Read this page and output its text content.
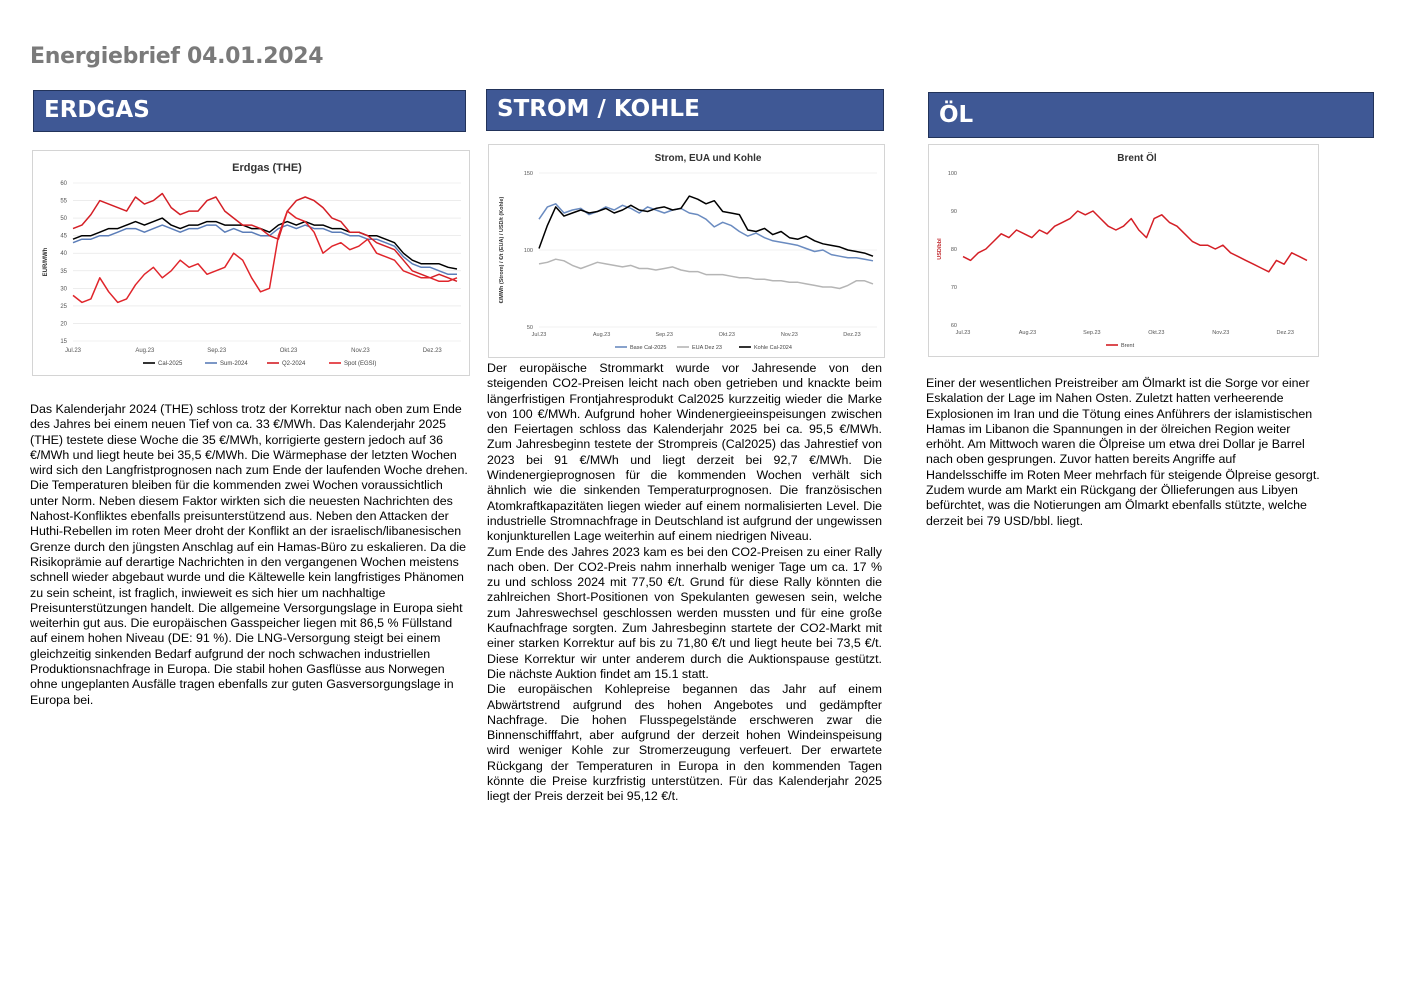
Energiebrief 04.01.2024
ERDGAS
Erdgas (THE)
15
20
25
30
35
40
45
50
55
60
EUR/MWh
Jul.23	Aug.23	Sep.23	Okt.23	Nov.23	Dez.23
Cal-2025	Sum-2024	Q2-2024	Spot (EGSI)

Das Kalenderjahr 2024 (THE) schloss trotz der Korrektur nach oben zum Ende des Jahres bei einem neuen Tief von ca. 33 €/MWh. Das Kalenderjahr 2025 (THE) testete diese Woche die 35 €/MWh, korrigierte gestern jedoch auf 36 €/MWh und liegt heute bei 35,5 €/MWh. Die Wärmephase der letzten Wochen wird sich den Langfristprognosen nach zum Ende der laufenden Woche drehen. Die Temperaturen bleiben für die kommenden zwei Wochen voraussichtlich unter Norm. Neben diesem Faktor wirkten sich die neuesten Nachrichten des Nahost-Konfliktes ebenfalls preisunterstützend aus. Neben den Attacken der Huthi-Rebellen im roten Meer droht der Konflikt an der israelisch/libanesischen Grenze durch den jüngsten Anschlag auf ein Hamas-Büro zu eskalieren. Da die Risikoprämie auf derartige Nachrichten in den vergangenen Wochen meistens schnell wieder abgebaut wurde und die Kältewelle kein langfristiges Phänomen zu sein scheint, ist fraglich, inwieweit es sich hier um nachhaltige Preisunterstützungen handelt. Die allgemeine Versorgungslage in Europa sieht weiterhin gut aus. Die europäischen Gasspeicher liegen mit 86,5 % Füllstand auf einem hohen Niveau (DE: 91 %). Die LNG-Versorgung steigt bei einem gleichzeitig sinkenden Bedarf aufgrund der noch schwachen industriellen Produktionsnachfrage in Europa. Die stabil hohen Gasflüsse aus Norwegen ohne ungeplanten Ausfälle tragen ebenfalls zur guten Gasversorgungslage in Europa bei.

STROM / KOHLE
Strom, EUA und Kohle
50
100
150
€/MWh (Strom) / €/t (EUA) / USD/t (Kohle)
Jul.23	Aug.23	Sep.23	Okt.23	Nov.23	Dez.23
Base Cal-2025	EUA Dez 23	Kohle Cal-2024

Der europäische Strommarkt wurde vor Jahresende von den steigenden CO2-Preisen leicht nach oben getrieben und knackte beim längerfristigen Frontjahresprodukt Cal2025 kurzzeitig wieder die Marke von 100 €/MWh. Aufgrund hoher Windenergieeinspeisungen zwischen den Feiertagen schloss das Kalenderjahr 2025 bei ca. 95,5 €/MWh. Zum Jahresbeginn testete der Strompreis (Cal2025) das Jahrestief von 2023 bei 91 €/MWh und liegt derzeit bei 92,7 €/MWh. Die Windenergieprognosen für die kommenden Wochen verhält sich ähnlich wie die sinkenden Temperaturprognosen. Die französischen Atomkraftkapazitäten liegen wieder auf einem normalisierten Level. Die industrielle Stromnachfrage in Deutschland ist aufgrund der ungewissen konjunkturellen Lage weiterhin auf einem niedrigen Niveau.

Zum Ende des Jahres 2023 kam es bei den CO2-Preisen zu einer Rally nach oben. Der CO2-Preis nahm innerhalb weniger Tage um ca. 17 % zu und schloss 2024 mit 77,50 €/t. Grund für diese Rally könnten die zahlreichen Short-Positionen von Spekulanten gewesen sein, welche zum Jahreswechsel geschlossen werden mussten und für eine große Kaufnachfrage sorgten. Zum Jahresbeginn startete der CO2-Markt mit einer starken Korrektur auf bis zu 71,80 €/t und liegt heute bei 73,5 €/t. Diese Korrektur wir unter anderem durch die Auktionspause gestützt. Die nächste Auktion findet am 15.1 statt.

Die europäischen Kohlepreise begannen das Jahr auf einem Abwärtstrend aufgrund des hohen Angebotes und gedämpfter Nachfrage. Die hohen Flusspegelstände erschweren zwar die Binnenschifffahrt, aber aufgrund der derzeit hohen Windeinspeisung wird weniger Kohle zur Stromerzeugung verfeuert. Der erwartete Rückgang der Temperaturen in Europa in den kommenden Tagen könnte die Preise kurzfristig unterstützen. Für das Kalenderjahr 2025 liegt der Preis derzeit bei 95,12 €/t.

ÖL
Brent Öl
60
70
80
90
100
USD/bbl
Jul.23	Aug.23	Sep.23	Okt.23	Nov.23	Dez.23
Brent

Einer der wesentlichen Preistreiber am Ölmarkt ist die Sorge vor einer Eskalation der Lage im Nahen Osten. Zuletzt hatten verheerende Explosionen im Iran und die Tötung eines Anführers der islamistischen Hamas im Libanon die Spannungen in der ölreichen Region weiter erhöht. Am Mittwoch waren die Ölpreise um etwa drei Dollar je Barrel nach oben gesprungen. Zuvor hatten bereits Angriffe auf Handelsschiffe im Roten Meer mehrfach für steigende Ölpreise gesorgt. Zudem wurde am Markt ein Rückgang der Öllieferungen aus Libyen befürchtet, was die Notierungen am Ölmarkt ebenfalls stützte, welche derzeit bei 79 USD/bbl. liegt.
